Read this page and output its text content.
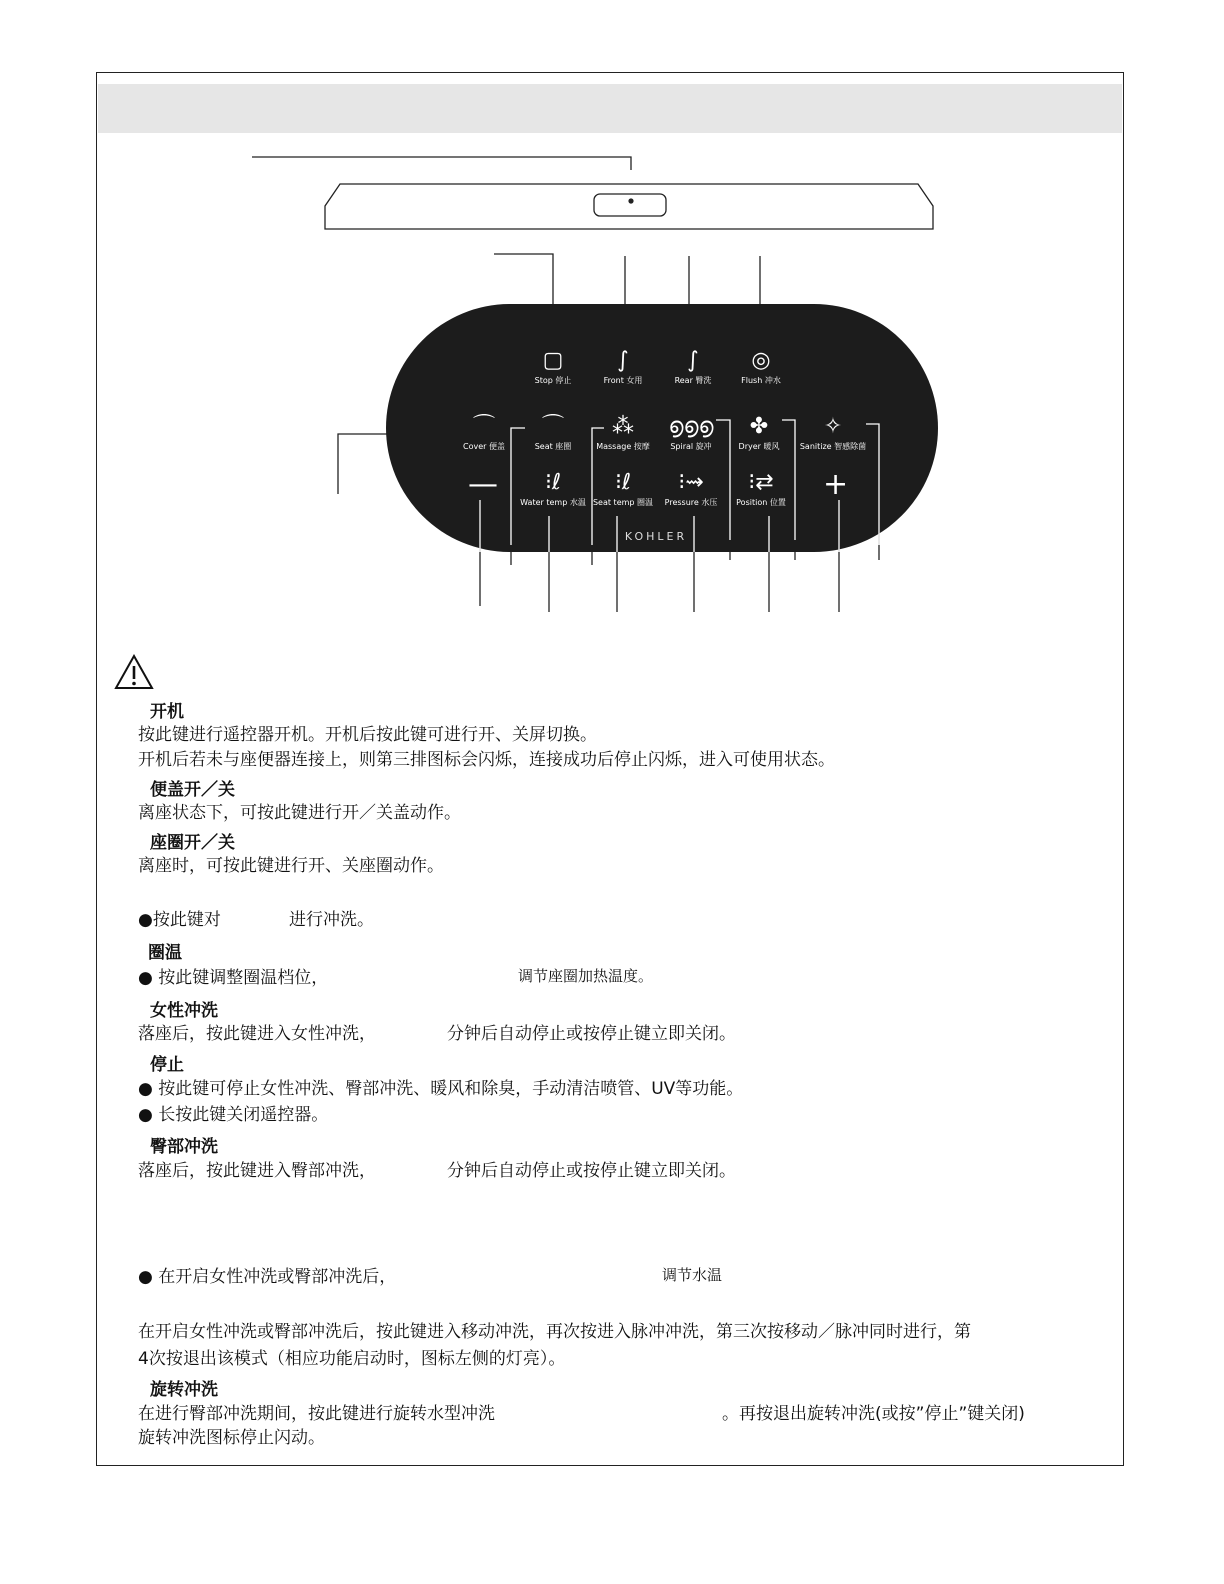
▢
Stop 停止
∫
Front 女用
∫
Rear 臀洗
◎
Flush 冲水
⌒
Cover 便盖
⌒
Seat 座圈
⁂
Massage 按摩
൭൭൭
Spiral 旋冲
✤
Dryer 暖风
✧
Sanitize 智感除菌
—	⁝ℓ
Water temp 水温
⁝ℓ
Seat temp 圈温
⁝⇝
Pressure 水压
⁝⇄
Position 位置
+
KOHLER
开机
按此键进行遥控器开机。开机后按此键可进行开、关屏切换。
开机后若未与座便器连接上，则第三排图标会闪烁，连接成功后停止闪烁，进入可使用状态。
便盖开／关
离座状态下，可按此键进行开／关盖动作。
座圈开／关
离座时，可按此键进行开、关座圈动作。
●按此键对	进行冲洗。
圈温
● 按此键调整圈温档位，	调节座圈加热温度。
女性冲洗
落座后，按此键进入女性冲洗，	分钟后自动停止或按停止键立即关闭。
停止
● 按此键可停止女性冲洗、臀部冲洗、暖风和除臭，手动清洁喷管、UV等功能。
● 长按此键关闭遥控器。
臀部冲洗
落座后，按此键进入臀部冲洗，	分钟后自动停止或按停止键立即关闭。
● 在开启女性冲洗或臀部冲洗后，	调节水温
在开启女性冲洗或臀部冲洗后，按此键进入移动冲洗，再次按进入脉冲冲洗，第三次按移动／脉冲同时进行，第
4次按退出该模式（相应功能启动时，图标左侧的灯亮）。
旋转冲洗
在进行臀部冲洗期间，按此键进行旋转水型冲洗	。再按退出旋转冲洗(或按”停止”键关闭)
旋转冲洗图标停止闪动。
